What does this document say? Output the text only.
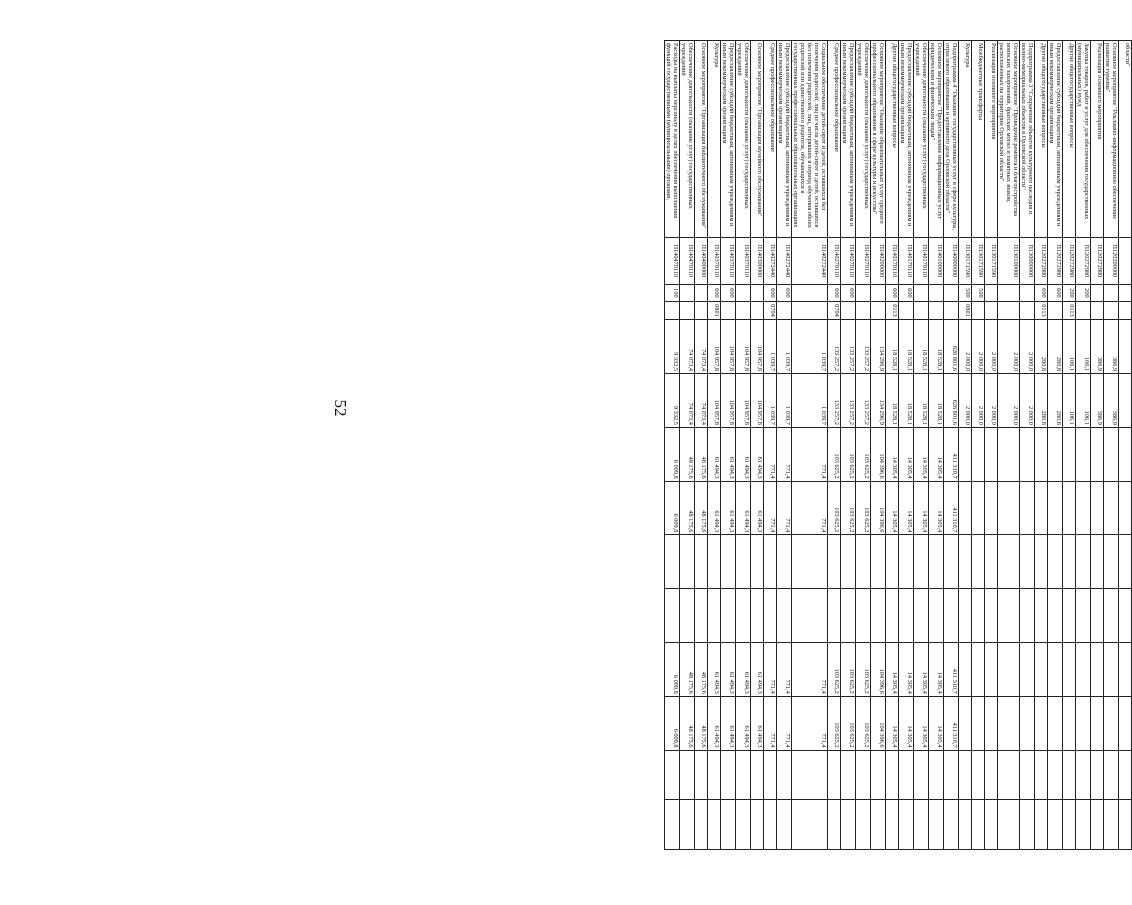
52
области"													
Основное мероприятие "Рекламно-информационное обеспечение развития туризма"	П120200000			386,9	386,9								
Реализация основного мероприятия	П120272980			386,9	386,9								
Закупка товаров, работ и услуг для обеспечения государственных (муниципальных) нужд	П120272980	200		106,1	106,1								
Другие общегосударственные вопросы	П120272980	200	0113	106,1	106,1								
Предоставление субсидий бюджетным, автономным учреждениям и иным некоммерческим организациям	П120272980	600		280,8	280,8								
Другие общегосударственные вопросы	П120272980	600	0113	280,8	280,8								
Подпрограмма 3 "Сохранение объектов культурного наследия и военно-мемориальных объектов в Орловской области"	П130000000			2 000,0	2 000,0								
Основное мероприятие "Проведение ремонта и благоустройства воинских захоронений, братских могил и памятных знаков, расположенных на территории Орловской области"	П130100000			2 000,0	2 000,0								
Реализация основного мероприятия	П130171590			2 000,0	2 000,0								
Межбюджетные трансферты	П130171590	500		2 000,0	2 000,0								
Культура	П130171590	500	0801	2 000,0	2 000,0								
Подпрограмма 4 "Оказание государственных услуг в сфере культуры, отраслевого образования и архивного дела Орловской области"	П140000000			626 801,6	626 801,6	411 310,7	411 310,7			411 310,7	411 310,7		
Основное мероприятие "Предоставление информационных услуг юридическим и физическим лицам"	П140100000			18 528,1	18 528,1	14 305,4	14 305,4			14 305,4	14 305,4		
Обеспечение деятельности (оказание услуг) государственных учреждений	П140170110			18 528,1	18 528,1	14 305,4	14 305,4			14 305,4	14 305,4		
Предоставление субсидий бюджетным, автономным учреждениям и иным некоммерческим организациям	П140170110	600		18 528,1	18 528,1	14 305,4	14 305,4			14 305,4	14 305,4		
Другие общегосударственные вопросы	П140170110	600	0113	18 528,1	18 528,1	14 305,4	14 305,4			14 305,4	14 305,4		
Основное мероприятие "Оказание образовательных услуг среднего профессионального образования в сфере культуры и искусства"	П140200000			134 296,9	134 296,9	104 396,6	104 396,6			104 396,6	104 396,6		
Обеспечение деятельности (оказание услуг) государственных учреждений	П140270110			133 257,2	133 257,2	103 625,2	103 625,2			103 625,2	103 625,2		
Предоставление субсидий бюджетным, автономным учреждениям и иным некоммерческим организациям	П140270110	600		133 257,2	133 257,2	103 625,2	103 625,2			103 625,2	103 625,2		
Среднее профессиональное образование	П140270110	600	0704	133 257,2	133 257,2	103 625,2	103 625,2			103 625,2	103 625,2		
Социальное обеспечение детей-сирот и детей, оставшихся без попечения родителей, лиц из числа детей-сирот и детей, оставшихся без попечения родителей, лиц, потерявших в период обучения обоих родителей или единственного родителя, обучающихся в государственных профессиональных образовательных организациях	П140272440			1 039,7	1 039,7	771,4	771,4			771,4	771,4		
Предоставление субсидий бюджетным, автономным учреждениям и иным некоммерческим организациям	П140272440	600		1 039,7	1 039,7	771,4	771,4			771,4	771,4		
Среднее профессиональное образование	П140272440	600	0704	1 039,7	1 039,7	771,4	771,4			771,4	771,4		
Основное мероприятие "Организация музейного обслуживания"	П140300000			104 957,8	104 957,8	61 494,3	61 494,3			61 494,3	61 494,3		
Обеспечение деятельности (оказание услуг) государственных учреждений	П140370110			104 957,8	104 957,8	61 494,3	61 494,3			61 494,3	61 494,3		
Предоставление субсидий бюджетным, автономным учреждениям и иным некоммерческим организациям	П140370110	600		104 957,8	104 957,8	61 494,3	61 494,3			61 494,3	61 494,3		
Культура	П140370110	600	0801	104 957,8	104 957,8	61 494,3	61 494,3			61 494,3	61 494,3		
Основное мероприятие "Организация библиотечного обслуживания"	П140400000			74 073,4	74 073,4	48 175,6	48 175,6			48 175,6	48 175,6		
Обеспечение деятельности (оказание услуг) государственных учреждений	П140470110			74 073,4	74 073,4	48 175,6	48 175,6			48 175,6	48 175,6		
Расходы на выплаты персоналу в целях обеспечения выполнения функций государственными (муниципальными) органами,	П140470110	100		9 332,5	9 332,5	6 009,8	6 009,8			6 009,8	6 009,8		
